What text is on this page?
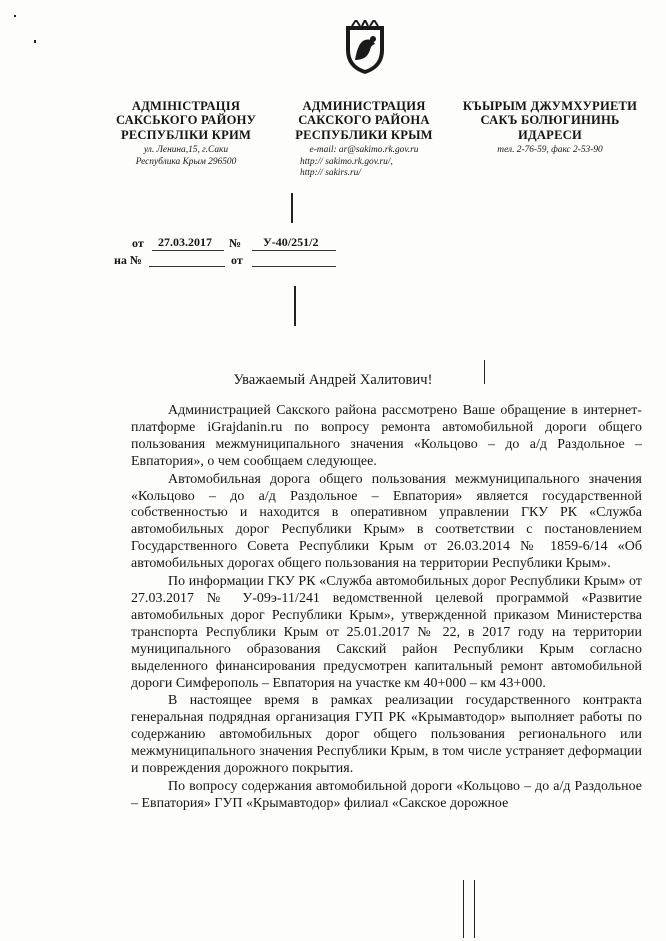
АДМІНІСТРАЦІЯ
САКСЬКОГО РАЙОНУ
РЕСПУБЛІКИ КРИМ
ул. Ленина,15, г.Саки
Республика Крым 296500
АДМИНИСТРАЦИЯ
САКСКОГО РАЙОНА
РЕСПУБЛИКИ КРЫМ
e-mail: ar@sakimo.rk.gov.ru
http:// sakimo.rk.gov.ru/,
http:// sakirs.ru/
КЪЫРЫМ ДЖУМХУРИЕТИ
САКЪ БОЛЮГИНИНЬ
ИДАРЕСИ
тел. 2-76-59, факс 2-53-90
от 27.03.2017 № У-40/251/2
на №	от
Уважаемый Андрей Халитович!

Администрацией Сакского района рассмотрено Ваше обращение в интернет-платформе iGrajdanin.ru по вопросу ремонта автомобильной дороги общего пользования межмуниципального значения «Кольцово – до а/д Раздольное – Евпатория», о чем сообщаем следующее.

Автомобильная дорога общего пользования межмуниципального значения «Кольцово – до а/д Раздольное – Евпатория» является государственной собственностью и находится в оперативном управлении ГКУ РК «Служба автомобильных дорог Республики Крым» в соответствии с постановлением Государственного Совета Республики Крым от 26.03.2014 № 1859-6/14 «Об автомобильных дорогах общего пользования на территории Республики Крым».

По информации ГКУ РК «Служба автомобильных дорог Республики Крым» от 27.03.2017 № У-09э-11/241 ведомственной целевой программой «Развитие автомобильных дорог Республики Крым», утвержденной приказом Министерства транспорта Республики Крым от 25.01.2017 № 22, в 2017 году на территории муниципального образования Сакский район Республики Крым согласно выделенного финансирования предусмотрен капитальный ремонт автомобильной дороги Симферополь – Евпатория на участке км 40+000 – км 43+000.

В настоящее время в рамках реализации государственного контракта генеральная подрядная организация ГУП РК «Крымавтодор» выполняет работы по содержанию автомобильных дорог общего пользования регионального или межмуниципального значения Республики Крым, в том числе устраняет деформации и повреждения дорожного покрытия.

По вопросу содержания автомобильной дороги «Кольцово – до а/д Раздольное – Евпатория» ГУП «Крымавтодор» филиал «Сакское дорожное
